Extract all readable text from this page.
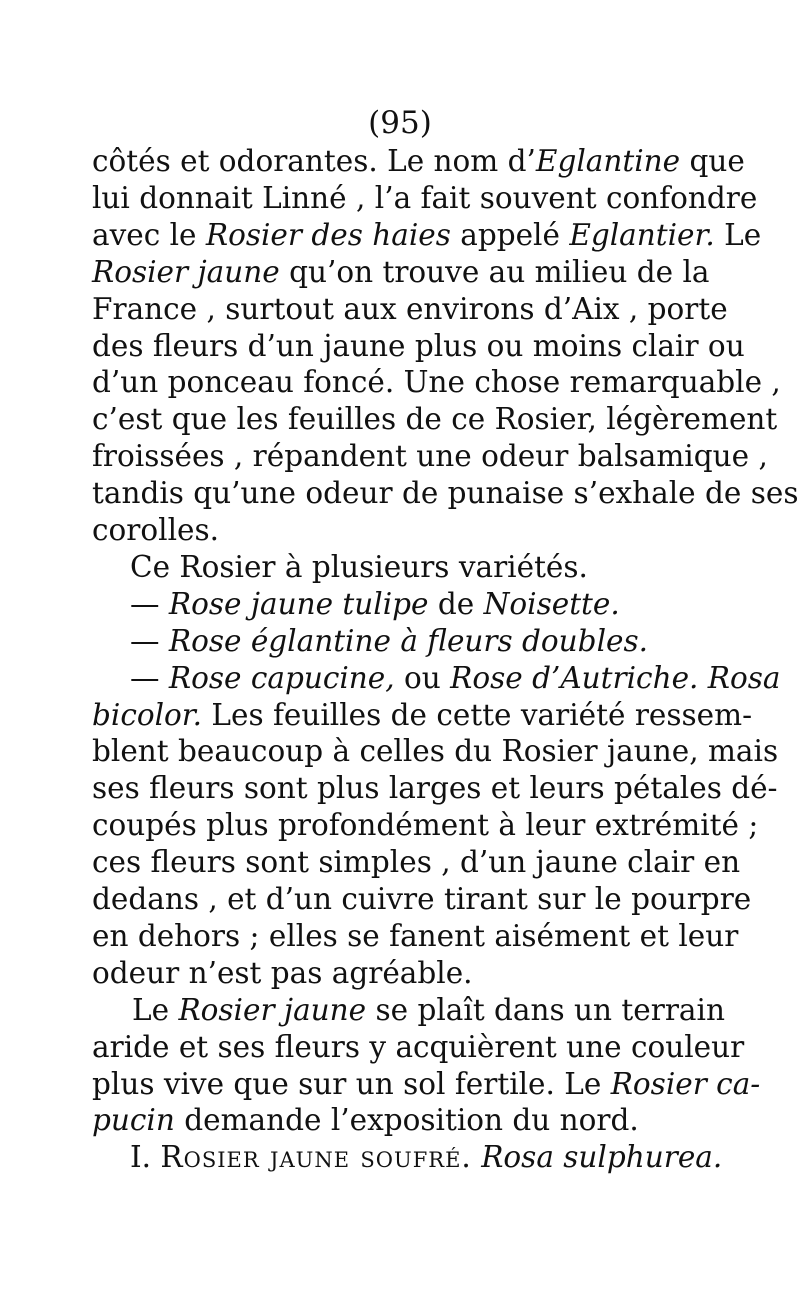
(95)
côtés et odorantes. Le nom d’Eglantine que
lui donnait Linné , l’a fait souvent confondre
avec le Rosier des haies appelé Eglantier. Le
Rosier jaune qu’on trouve au milieu de la
France , surtout aux environs d’Aix , porte
des fleurs d’un jaune plus ou moins clair ou
d’un ponceau foncé. Une chose remarquable ,
c’est que les feuilles de ce Rosier, légèrement
froissées , répandent une odeur balsamique ,
tandis qu’une odeur de punaise s’exhale de ses
corolles.
Ce Rosier à plusieurs variétés.
— Rose jaune tulipe de Noisette.
— Rose églantine à fleurs doubles.
— Rose capucine, ou Rose d’Autriche. Rosa
bicolor. Les feuilles de cette variété ressem-
blent beaucoup à celles du Rosier jaune, mais
ses fleurs sont plus larges et leurs pétales dé-
coupés plus profondément à leur extrémité ;
ces fleurs sont simples , d’un jaune clair en
dedans , et d’un cuivre tirant sur le pourpre
en dehors ; elles se fanent aisément et leur
odeur n’est pas agréable.
Le Rosier jaune se plaît dans un terrain
aride et ses fleurs y acquièrent une couleur
plus vive que sur un sol fertile. Le Rosier ca-
pucin demande l’exposition du nord.
I. Rosier jaune soufré. Rosa sulphurea.
